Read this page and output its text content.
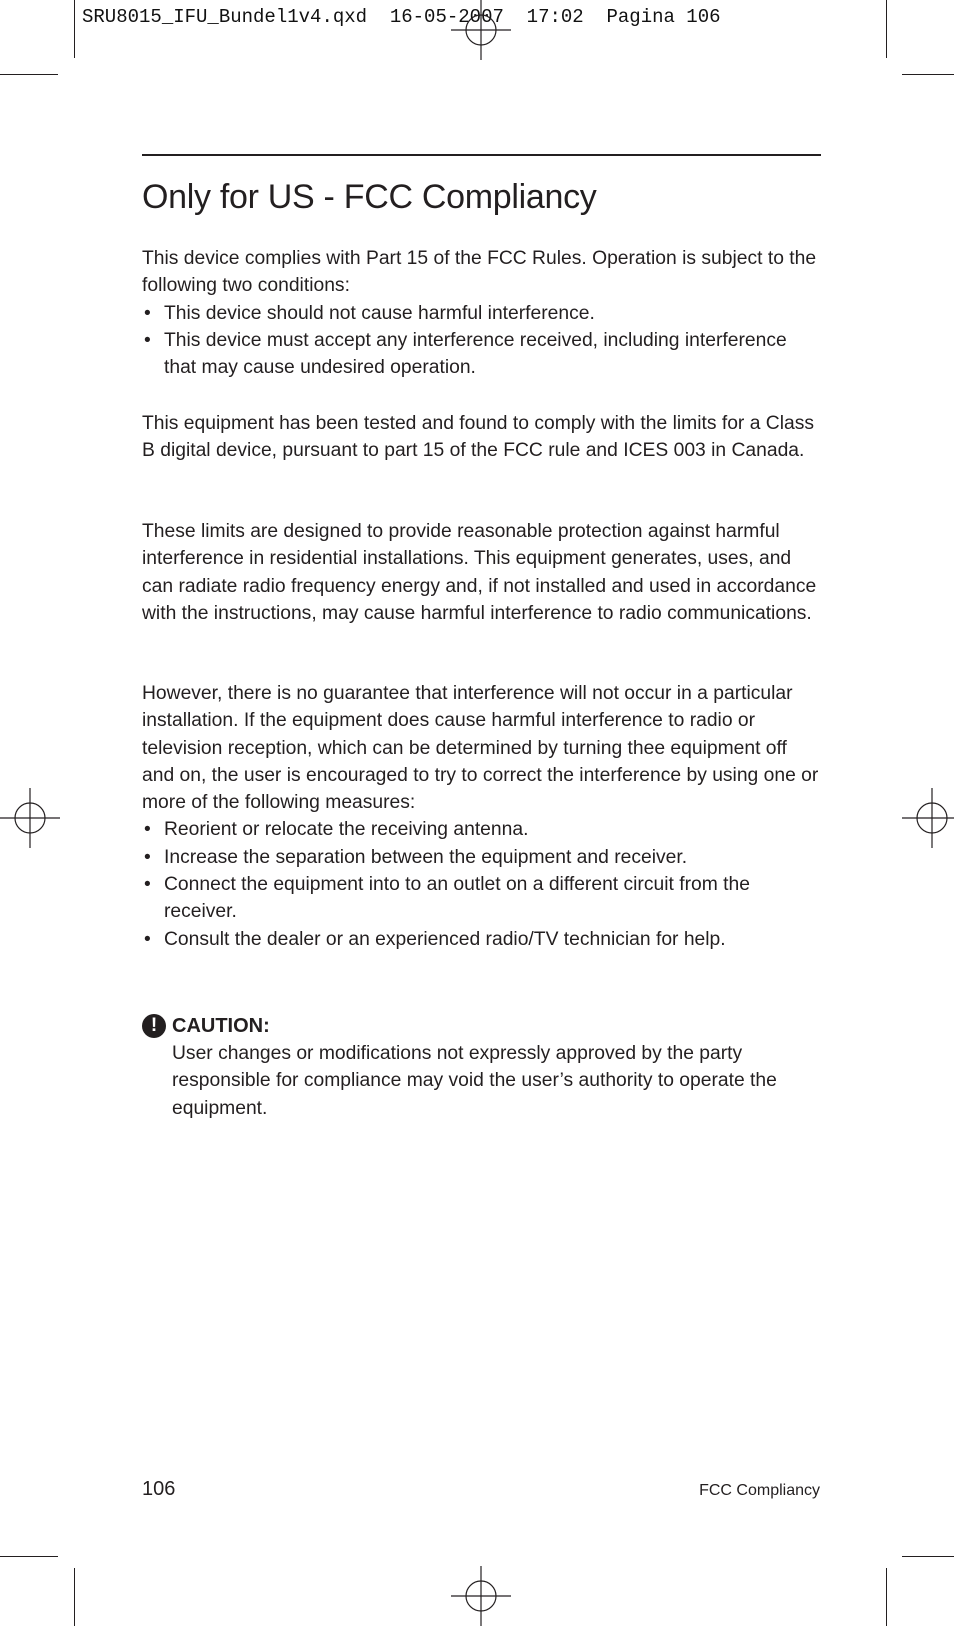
SRU8015_IFU_Bundel1v4.qxd  16-05-2007  17:02  Pagina 106

Only for US - FCC Compliancy

This device complies with Part 15 of the FCC Rules. Operation is subject to the following two conditions:

• This device should not cause harmful interference.
• This device must accept any interference received, including interference that may cause undesired operation.

This equipment has been tested and found to comply with the limits for a Class B digital device, pursuant to part 15 of the FCC rule and ICES 003 in Canada.

These limits are designed to provide reasonable protection against harmful interference in residential installations. This equipment generates, uses, and can radiate radio frequency energy and, if not installed and used in accordance with the instructions, may cause harmful interference to radio communications.

However, there is no guarantee that interference will not occur in a particular installation. If the equipment does cause harmful interference to radio or television reception, which can be determined by turning thee equipment off and on, the user is encouraged to try to correct the interference by using one or more of the following measures:

• Reorient or relocate the receiving antenna.
• Increase the separation between the equipment and receiver.
• Connect the equipment into to an outlet on a different circuit from the receiver.
• Consult the dealer or an experienced radio/TV technician for help.
! CAUTION:

User changes or modifications not expressly approved by the party responsible for compliance may void the user’s authority to operate the equipment.

106	FCC Compliancy
